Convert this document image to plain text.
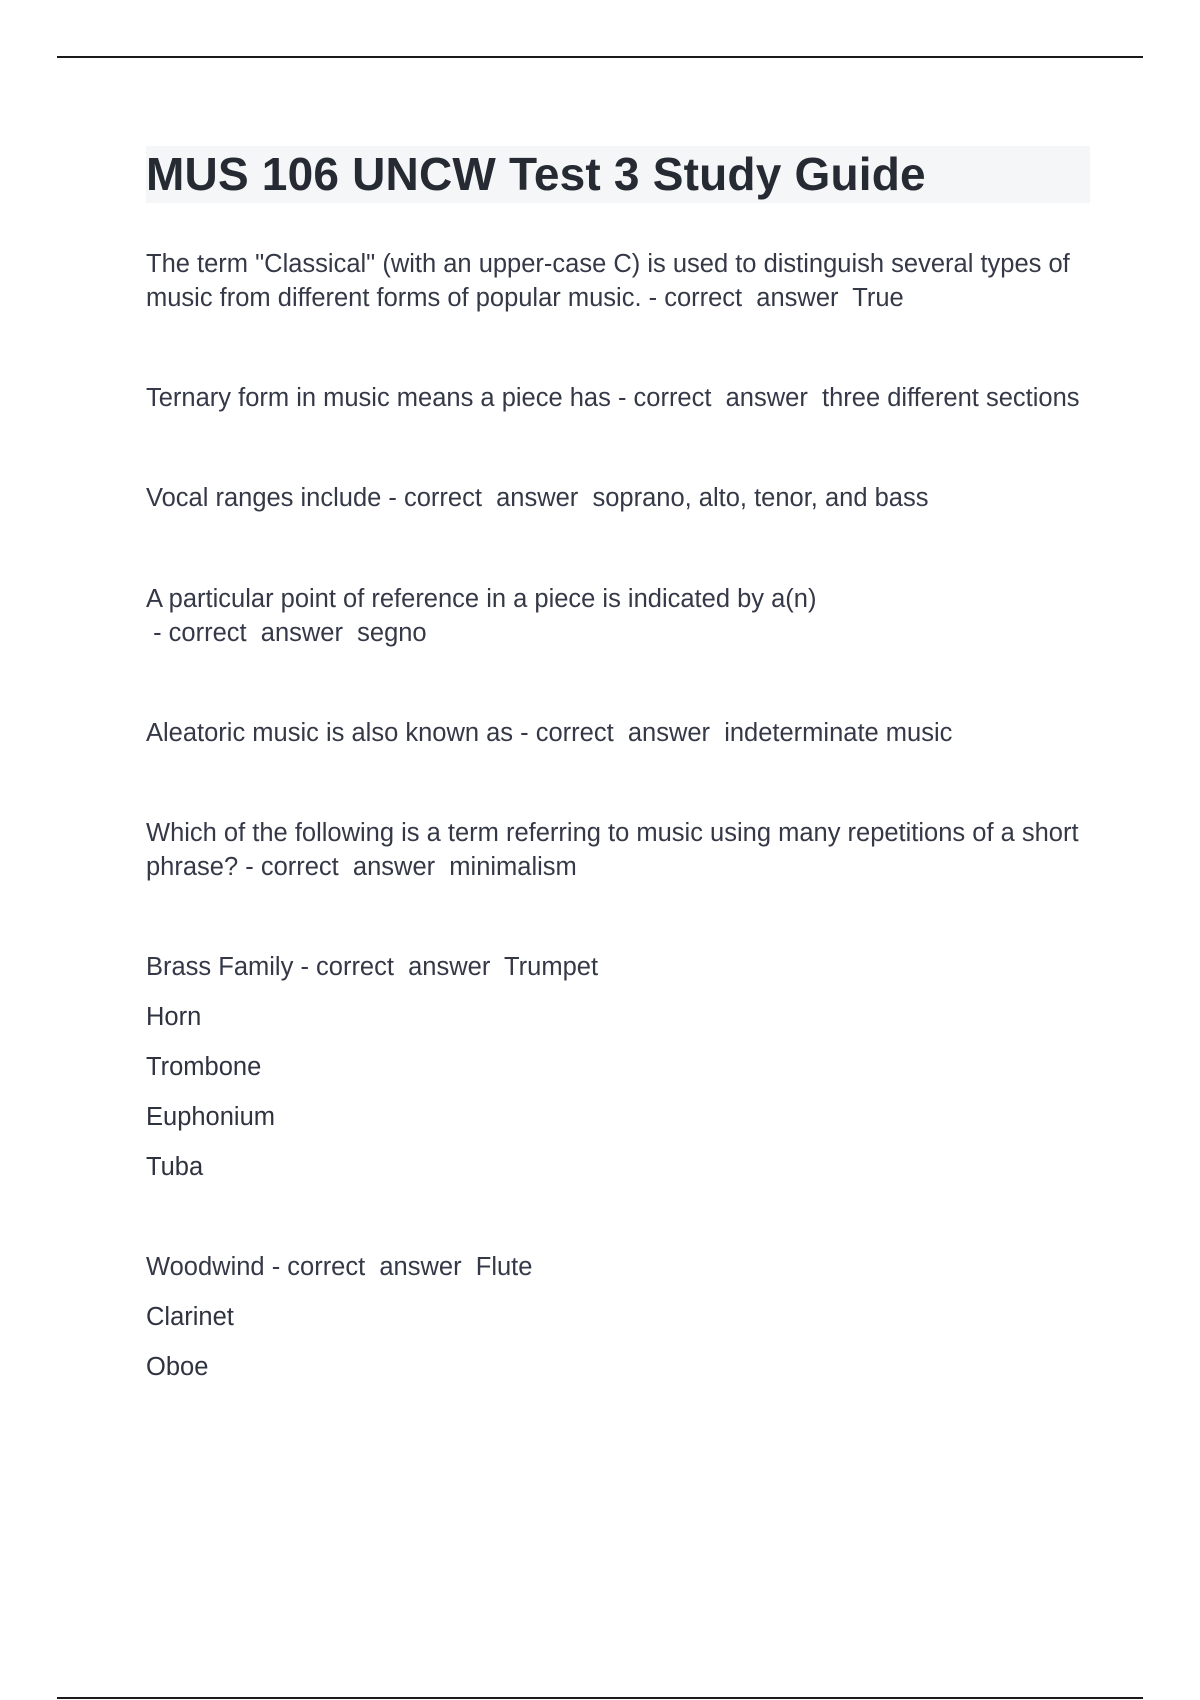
MUS 106 UNCW Test 3 Study Guide

The term "Classical" (with an upper-case C) is used to distinguish several types of music from different forms of popular music. - correct  answer  True

Ternary form in music means a piece has - correct  answer  three different sections

Vocal ranges include - correct  answer  soprano, alto, tenor, and bass

A particular point of reference in a piece is indicated by a(n) - correct  answer  segno

Aleatoric music is also known as - correct  answer  indeterminate music

Which of the following is a term referring to music using many repetitions of a short phrase? - correct  answer  minimalism

Brass Family - correct  answer  Trumpet

Horn
Trombone
Euphonium
Tuba

Woodwind - correct  answer  Flute

Clarinet
Oboe
